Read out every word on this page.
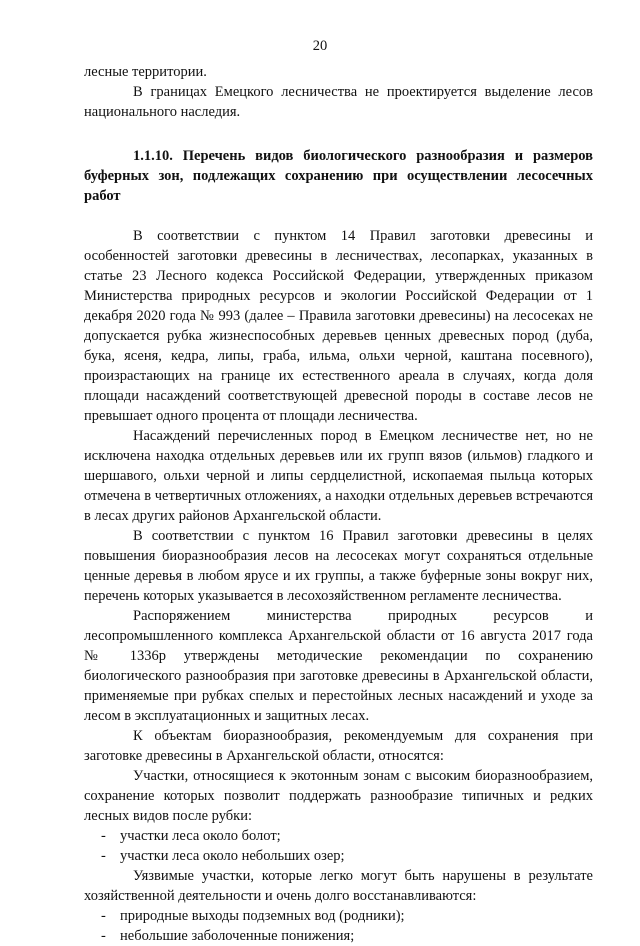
20

лесные территории.

В границах Емецкого лесничества не проектируется выделение лесов национального наследия.

1.1.10. Перечень видов биологического разнообразия и размеров буферных зон, подлежащих сохранению при осуществлении лесосечных работ

В соответствии с пунктом 14 Правил заготовки древесины и особенностей заготовки древесины в лесничествах, лесопарках, указанных в статье 23 Лесного кодекса Российской Федерации, утвержденных приказом Министерства природных ресурсов и экологии Российской Федерации от 1 декабря 2020 года № 993 (далее – Правила заготовки древесины) на лесосеках не допускается рубка жизнеспособных деревьев ценных древесных пород (дуба, бука, ясеня, кедра, липы, граба, ильма, ольхи черной, каштана посевного), произрастающих на границе их естественного ареала в случаях, когда доля площади насаждений соответствующей древесной породы в составе лесов не превышает одного процента от площади лесничества.

Насаждений перечисленных пород в Емецком лесничестве нет, но не исключена находка отдельных деревьев или их групп вязов (ильмов) гладкого и шершавого, ольхи черной и липы сердцелистной, ископаемая пыльца которых отмечена в четвертичных отложениях, а находки отдельных деревьев встречаются в лесах других районов Архангельской области.

В соответствии с пунктом 16 Правил заготовки древесины в целях повышения биоразнообразия лесов на лесосеках могут сохраняться отдельные ценные деревья в любом ярусе и их группы, а также буферные зоны вокруг них, перечень которых указывается в лесохозяйственном регламенте лесничества.

Распоряжением министерства природных ресурсов и лесопромышленного комплекса Архангельской области от 16 августа 2017 года № 1336р утверждены методические рекомендации по сохранению биологического разнообразия при заготовке древесины в Архангельской области, применяемые при рубках спелых и перестойных лесных насаждений и уходе за лесом в эксплуатационных и защитных лесах.

К объектам биоразнообразия, рекомендуемым для сохранения при заготовке древесины в Архангельской области, относятся:

Участки, относящиеся к экотонным зонам с высоким биоразнообразием, сохранение которых позволит поддержать разнообразие типичных и редких лесных видов после рубки:

- участки леса около болот;
- участки леса около небольших озер;

Уязвимые участки, которые легко могут быть нарушены в результате хозяйственной деятельности и очень долго восстанавливаются:

- природные выходы подземных вод (родники);
- небольшие заболоченные понижения;
